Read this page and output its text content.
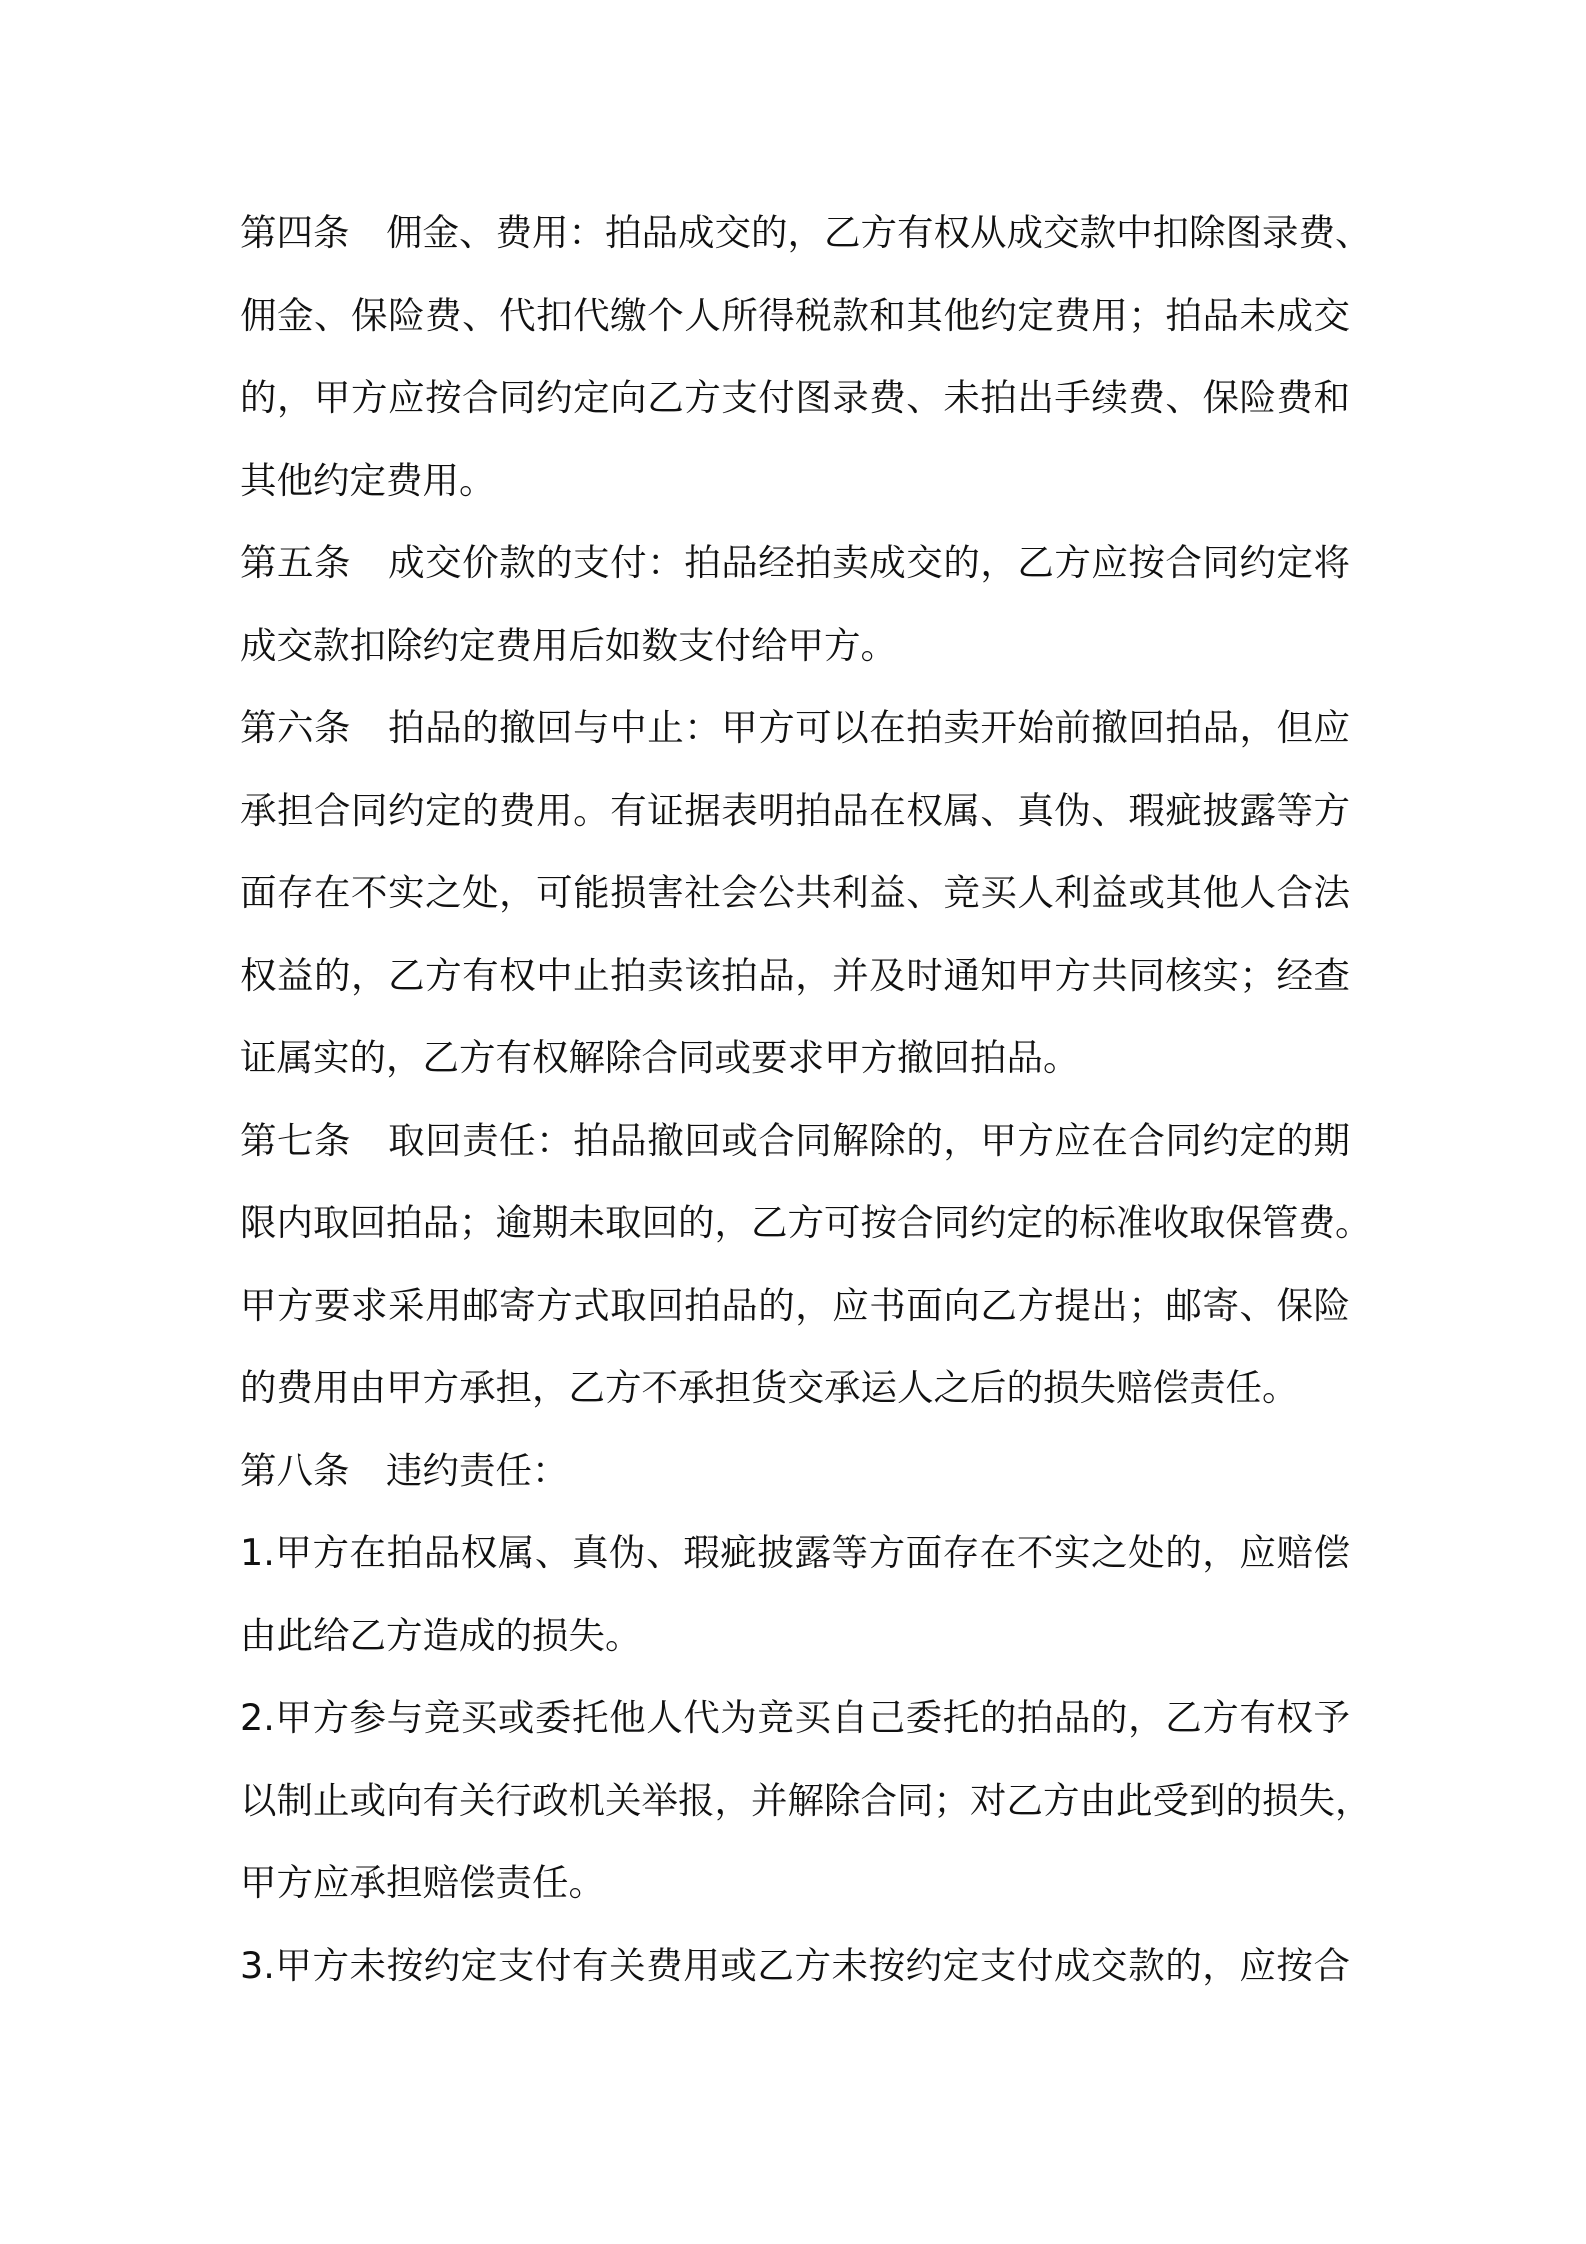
第四条　佣金、费用：拍品成交的，乙方有权从成交款中扣除图录费、
佣金、保险费、代扣代缴个人所得税款和其他约定费用；拍品未成交
的，甲方应按合同约定向乙方支付图录费、未拍出手续费、保险费和
其他约定费用。
第五条　成交价款的支付：拍品经拍卖成交的，乙方应按合同约定将
成交款扣除约定费用后如数支付给甲方。
第六条　拍品的撤回与中止：甲方可以在拍卖开始前撤回拍品，但应
承担合同约定的费用。有证据表明拍品在权属、真伪、瑕疵披露等方
面存在不实之处，可能损害社会公共利益、竞买人利益或其他人合法
权益的，乙方有权中止拍卖该拍品，并及时通知甲方共同核实；经查
证属实的，乙方有权解除合同或要求甲方撤回拍品。
第七条　取回责任：拍品撤回或合同解除的，甲方应在合同约定的期
限内取回拍品；逾期未取回的，乙方可按合同约定的标准收取保管费。
甲方要求采用邮寄方式取回拍品的，应书面向乙方提出；邮寄、保险
的费用由甲方承担，乙方不承担货交承运人之后的损失赔偿责任。
第八条　违约责任：
1.甲方在拍品权属、真伪、瑕疵披露等方面存在不实之处的，应赔偿
由此给乙方造成的损失。
2.甲方参与竞买或委托他人代为竞买自己委托的拍品的，乙方有权予
以制止或向有关行政机关举报，并解除合同；对乙方由此受到的损失，
甲方应承担赔偿责任。
3.甲方未按约定支付有关费用或乙方未按约定支付成交款的，应按合
